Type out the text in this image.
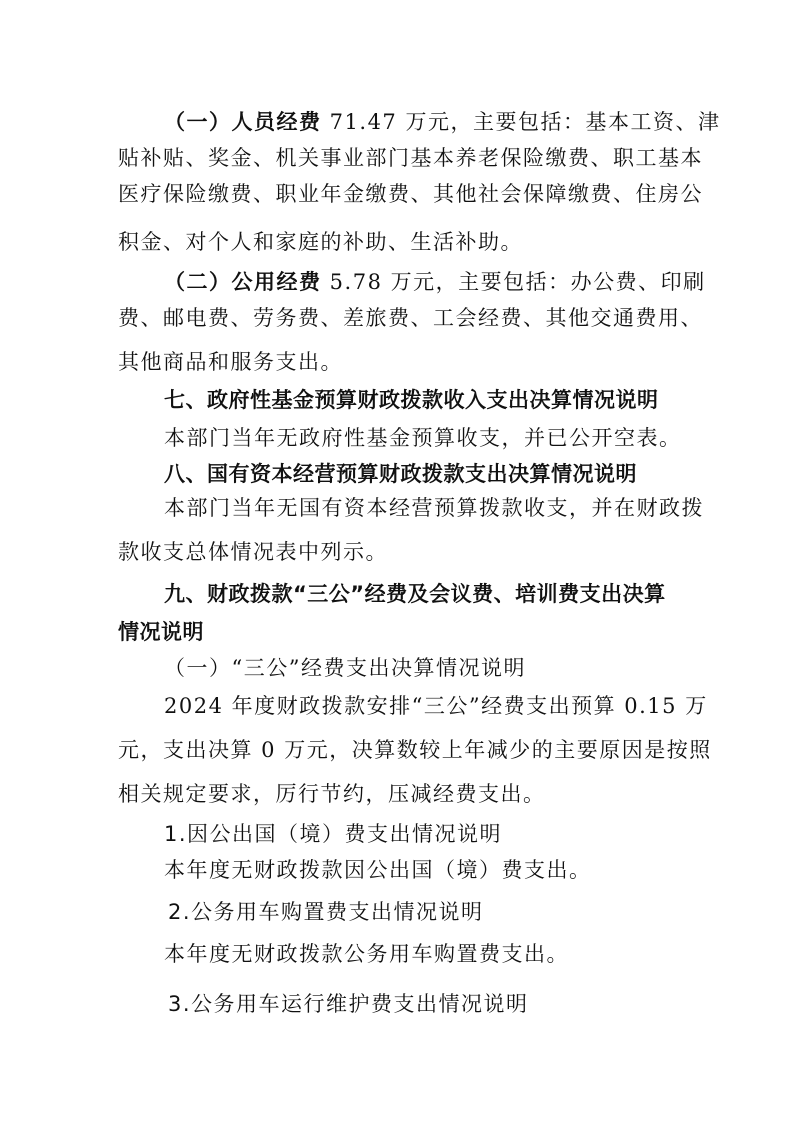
（一）人员经费 71.47 万元，主要包括：基本工资、津
贴补贴、奖金、机关事业部门基本养老保险缴费、职工基本
医疗保险缴费、职业年金缴费、其他社会保障缴费、住房公
积金、对个人和家庭的补助、生活补助。
（二）公用经费 5.78 万元，主要包括：办公费、印刷
费、邮电费、劳务费、差旅费、工会经费、其他交通费用、
其他商品和服务支出。
七、政府性基金预算财政拨款收入支出决算情况说明
本部门当年无政府性基金预算收支，并已公开空表。
八、国有资本经营预算财政拨款支出决算情况说明
本部门当年无国有资本经营预算拨款收支，并在财政拨
款收支总体情况表中列示。
九、财政拨款“三公”经费及会议费、培训费支出决算
情况说明
（一）“三公”经费支出决算情况说明
2024 年度财政拨款安排“三公”经费支出预算 0.15 万
元，支出决算 0 万元，决算数较上年减少的主要原因是按照
相关规定要求，厉行节约，压减经费支出。
1.因公出国（境）费支出情况说明
本年度无财政拨款因公出国（境）费支出。
2.公务用车购置费支出情况说明
本年度无财政拨款公务用车购置费支出。
3.公务用车运行维护费支出情况说明
